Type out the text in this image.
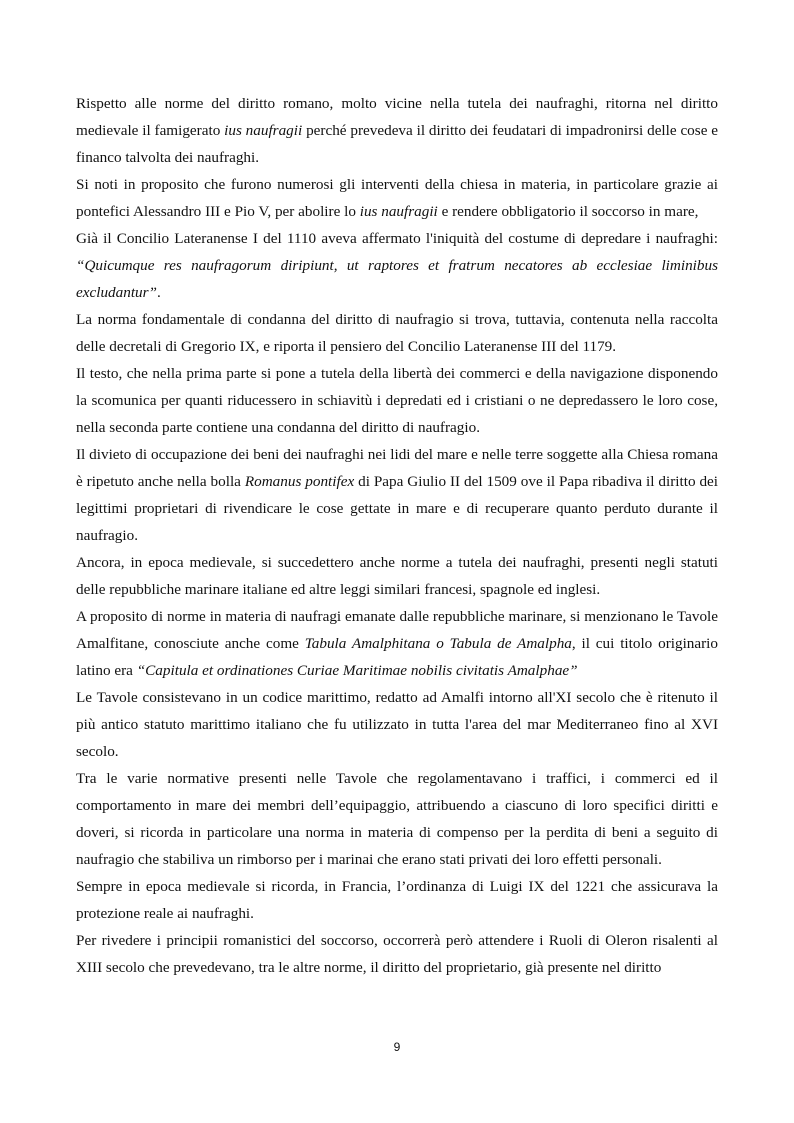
Rispetto alle norme del diritto romano, molto vicine nella tutela dei naufraghi, ritorna nel diritto medievale il famigerato ius naufragii perché prevedeva il diritto dei feudatari di impadronirsi delle cose e financo talvolta dei naufraghi.

Si noti in proposito che furono numerosi gli interventi della chiesa in materia, in particolare grazie ai pontefici Alessandro III e Pio V, per abolire lo ius naufragii e rendere obbligatorio il soccorso in mare,

Già il Concilio Lateranense I del 1110 aveva affermato l'iniquità del costume di depredare i naufraghi: “Quicumque res naufragorum diripiunt, ut raptores et fratrum necatores ab ecclesiae liminibus excludantur”.

La norma fondamentale di condanna del diritto di naufragio si trova, tuttavia, contenuta nella raccolta delle decretali di Gregorio IX, e riporta il pensiero del Concilio Lateranense III del 1179.

Il testo, che nella prima parte si pone a tutela della libertà dei commerci e della navigazione disponendo la scomunica per quanti riducessero in schiavitù i depredati ed i cristiani o ne depredassero le loro cose, nella seconda parte contiene una condanna del diritto di naufragio.

Il divieto di occupazione dei beni dei naufraghi nei lidi del mare e nelle terre soggette alla Chiesa romana è ripetuto anche nella bolla Romanus pontifex di Papa Giulio II del 1509 ove il Papa ribadiva il diritto dei legittimi proprietari di rivendicare le cose gettate in mare e di recuperare quanto perduto durante il naufragio.

Ancora, in epoca medievale, si succedettero anche norme a tutela dei naufraghi, presenti negli statuti delle repubbliche marinare italiane ed altre leggi similari francesi, spagnole ed inglesi.

A proposito di norme in materia di naufragi emanate dalle repubbliche marinare, si menzionano le Tavole Amalfitane, conosciute anche come Tabula Amalphitana o Tabula de Amalpha, il cui titolo originario latino era “Capitula et ordinationes Curiae Maritimae nobilis civitatis Amalphae”

Le Tavole consistevano in un codice marittimo, redatto ad Amalfi intorno all'XI secolo che è ritenuto il più antico statuto marittimo italiano che fu utilizzato in tutta l'area del mar Mediterraneo fino al XVI secolo.

Tra le varie normative presenti nelle Tavole che regolamentavano i traffici, i commerci ed il comportamento in mare dei membri dell’equipaggio, attribuendo a ciascuno di loro specifici diritti e doveri, si ricorda in particolare una norma in materia di compenso per la perdita di beni a seguito di naufragio che stabiliva un rimborso per i marinai che erano stati privati dei loro effetti personali.

Sempre in epoca medievale si ricorda, in Francia, l’ordinanza di Luigi IX del 1221 che assicurava la protezione reale ai naufraghi.

Per rivedere i principii romanistici del soccorso, occorrerà però attendere i Ruoli di Oleron risalenti al XIII secolo che prevedevano, tra le altre norme, il diritto del proprietario, già presente nel diritto

9
